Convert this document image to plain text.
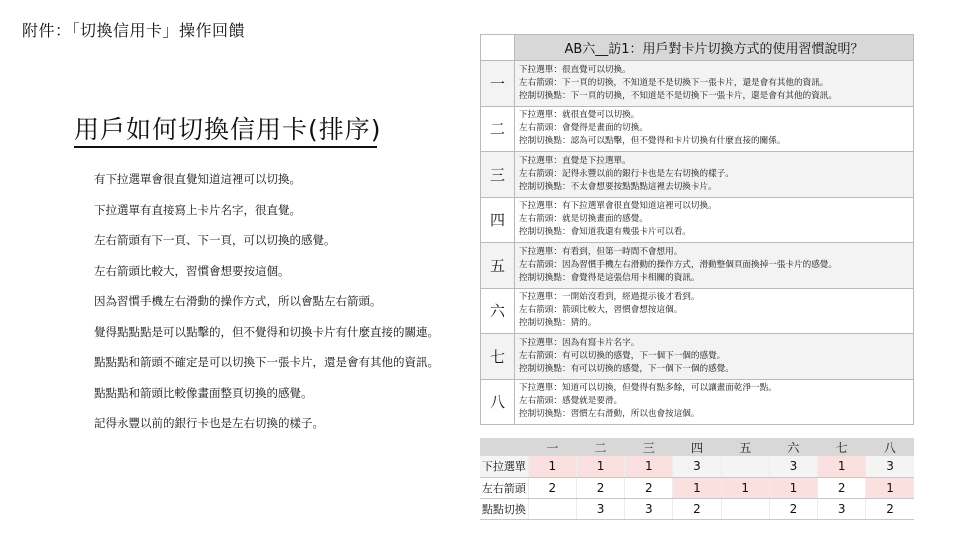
附件：「切換信用卡」操作回饋
用戶如何切換信用卡(排序)
有下拉選單會很直覺知道這裡可以切換。
下拉選單有直接寫上卡片名字，很直覺。
左右箭頭有下一頁、下一頁，可以切換的感覺。
左右箭頭比較大，習慣會想要按這個。
因為習慣手機左右滑動的操作方式，所以會點左右箭頭。
覺得點點點是可以點擊的，但不覺得和切換卡片有什麼直接的關連。
點點點和箭頭不確定是可以切換下一張卡片，還是會有其他的資訊。
點點點和箭頭比較像畫面整頁切換的感覺。
記得永豐以前的銀行卡也是左右切換的樣子。
	AB六__訪1：用戶對卡片切換方式的使用習慣說明？
一	下拉選單：很直覺可以切換。
左右箭頭：下一頁的切換，不知道是不是切換下一張卡片，還是會有其他的資訊。
控制切換點：下一頁的切換，不知道是不是切換下一張卡片，還是會有其他的資訊。

二	下拉選單：就很直覺可以切換。
左右箭頭：會覺得是畫面的切換。
控制切換點：認為可以點擊，但不覺得和卡片切換有什麼直接的關係。

三	下拉選單：直覺是下拉選單。
左右箭頭：記得永豐以前的銀行卡也是左右切換的樣子。
控制切換點：不太會想要按點點點這裡去切換卡片。

四	下拉選單：有下拉選單會很直覺知道這裡可以切換。
左右箭頭：就是切換畫面的感覺。
控制切換點：會知道我還有幾張卡片可以看。

五	下拉選單：有看到，但第一時間不會想用。
左右箭頭：因為習慣手機左右滑動的操作方式，滑動整個頁面換掉一張卡片的感覺。
控制切換點：會覺得是這張信用卡相關的資訊。

六	下拉選單：一開始沒看到，經過提示後才看到。
左右箭頭：箭頭比較大，習慣會想按這個。
控制切換點：猜的。

七	下拉選單：因為有寫卡片名字。
左右箭頭：有可以切換的感覺，下一個下一個的感覺。
控制切換點：有可以切換的感覺，下一個下一個的感覺。

八	下拉選單：知道可以切換，但覺得有點多餘，可以讓畫面乾淨一點。
左右箭頭：感覺就是要滑。
控制切換點：習慣左右滑動，所以也會按這個。
	一	二	三	四	五	六	七	八
下拉選單	1	1	1	3		3	1	3
左右箭頭	2	2	2	1	1	1	2	1
點點切換		3	3	2		2	3	2
